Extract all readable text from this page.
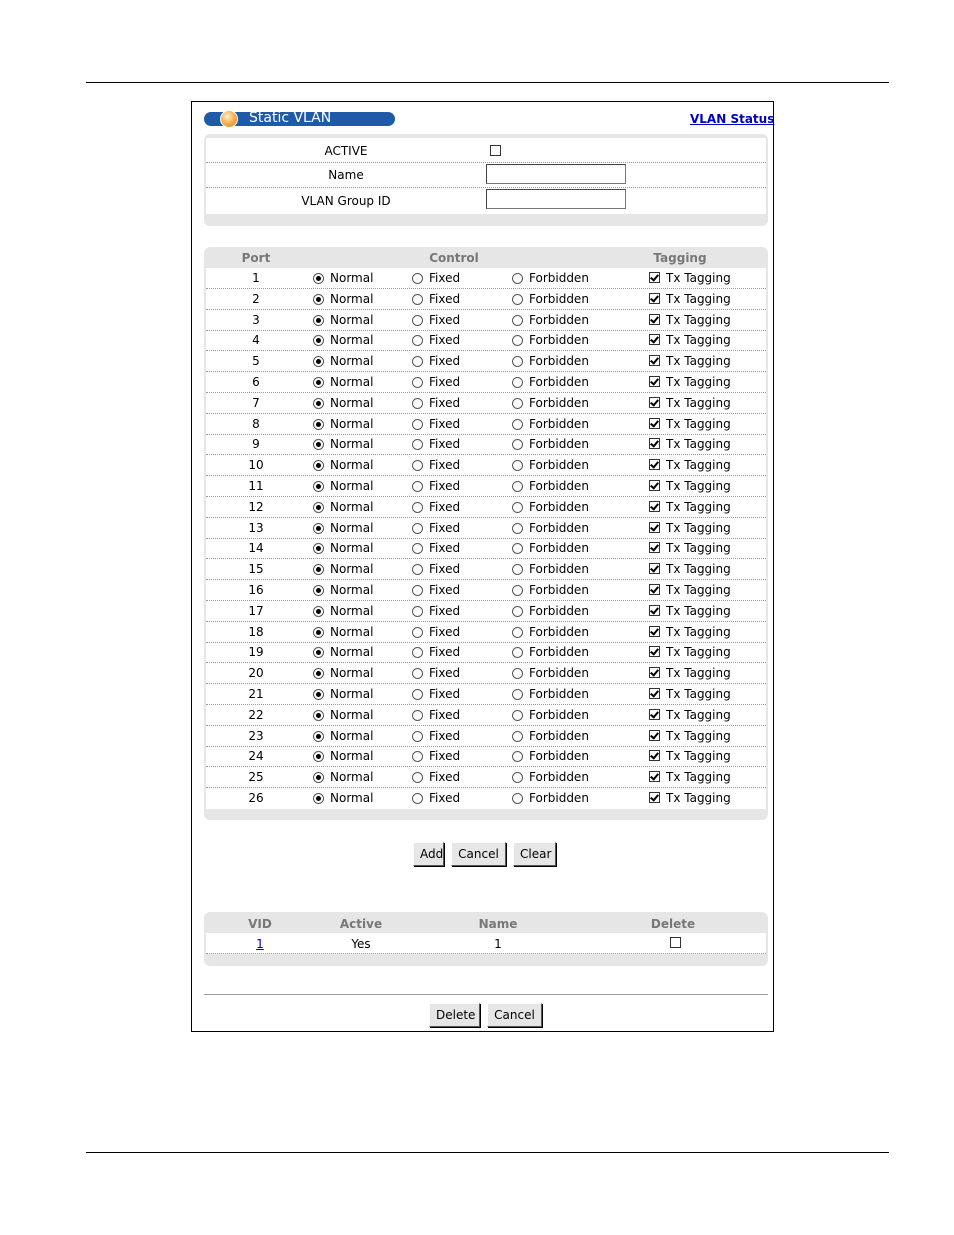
Static VLAN	VLAN Status
ACTIVE
Name
VLAN Group ID
Port	Control	Tagging
1	Normal	Fixed	Forbidden	Tx Tagging
2	Normal	Fixed	Forbidden	Tx Tagging
3	Normal	Fixed	Forbidden	Tx Tagging
4	Normal	Fixed	Forbidden	Tx Tagging
5	Normal	Fixed	Forbidden	Tx Tagging
6	Normal	Fixed	Forbidden	Tx Tagging
7	Normal	Fixed	Forbidden	Tx Tagging
8	Normal	Fixed	Forbidden	Tx Tagging
9	Normal	Fixed	Forbidden	Tx Tagging
10	Normal	Fixed	Forbidden	Tx Tagging
11	Normal	Fixed	Forbidden	Tx Tagging
12	Normal	Fixed	Forbidden	Tx Tagging
13	Normal	Fixed	Forbidden	Tx Tagging
14	Normal	Fixed	Forbidden	Tx Tagging
15	Normal	Fixed	Forbidden	Tx Tagging
16	Normal	Fixed	Forbidden	Tx Tagging
17	Normal	Fixed	Forbidden	Tx Tagging
18	Normal	Fixed	Forbidden	Tx Tagging
19	Normal	Fixed	Forbidden	Tx Tagging
20	Normal	Fixed	Forbidden	Tx Tagging
21	Normal	Fixed	Forbidden	Tx Tagging
22	Normal	Fixed	Forbidden	Tx Tagging
23	Normal	Fixed	Forbidden	Tx Tagging
24	Normal	Fixed	Forbidden	Tx Tagging
25	Normal	Fixed	Forbidden	Tx Tagging
26	Normal	Fixed	Forbidden	Tx Tagging
Add	Cancel	Clear
VID	Active	Name	Delete
1	Yes	1
Delete	Cancel
